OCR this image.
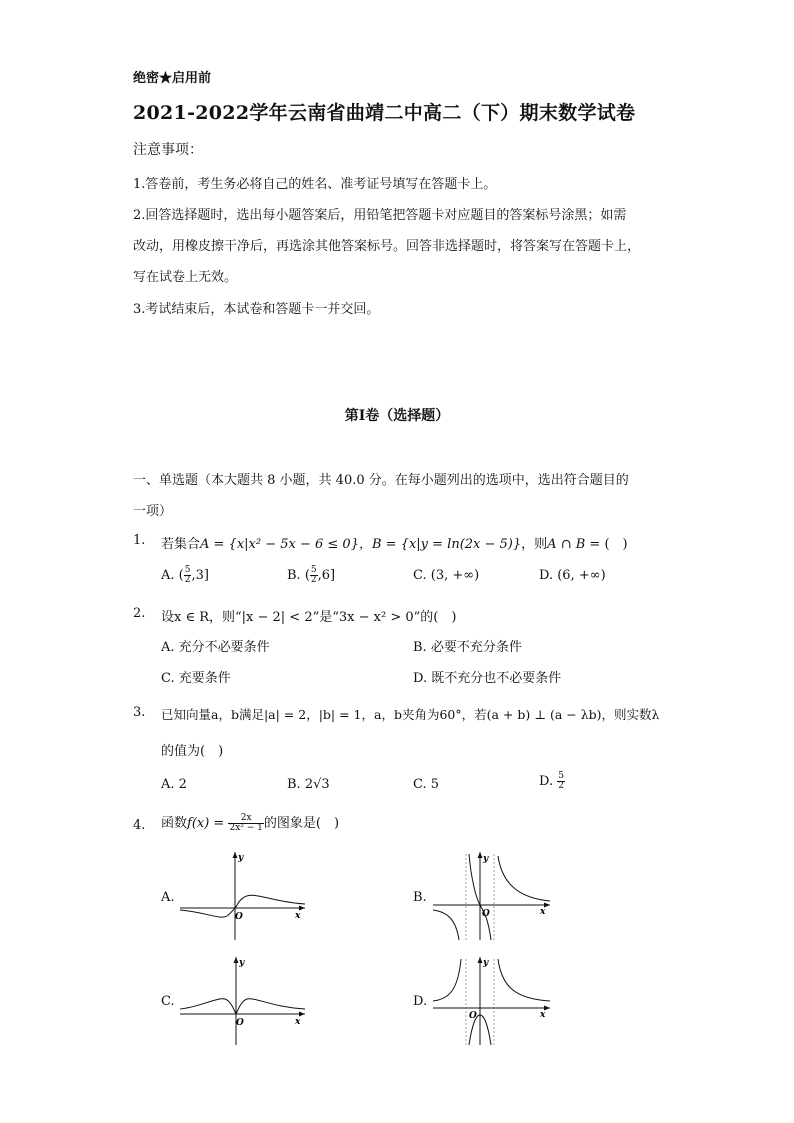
绝密★启用前
2021-2022学年云南省曲靖二中高二（下）期末数学试卷
注意事项：
1.答卷前，考生务必将自己的姓名、准考证号填写在答题卡上。
2.回答选择题时，选出每小题答案后，用铅笔把答题卡对应题目的答案标号涂黑；如需
改动，用橡皮擦干净后，再选涂其他答案标号。回答非选择题时，将答案写在答题卡上，
写在试卷上无效。
3.考试结束后，本试卷和答题卡一并交回。
第I卷（选择题）
一、单选题（本大题共 8 小题，共 40.0 分。在每小题列出的选项中，选出符合题目的
一项）
1. 若集合A = {x|x² − 5x − 6 ≤ 0}，B = {x|y = ln(2x − 5)}，则A ∩ B = (　)
A. ( $\frac{5}{2} ,3$]	B. ( $\frac{5}{2} ,6$]	C. (3, +∞)	D. (6, +∞)
2. 设x ∈ R，则“|x − 2| < 2”是“3x − x² > 0”的(　)
A. 充分不必要条件	B. 必要不充分条件
C. 充要条件	D. 既不充分也不必要条件
3. 已知向量a，b满足|a| = 2，|b| = 1，a，b夹角为60°，若(a + b) ⊥ (a − λb)，则实数λ
的值为(　)
A. 2	B. 2√3	C. 5	D. $\frac{5}{2}$
4. 函数$f(x) = \frac{2x}{\text{2x² − 1}}$ 的图象是(　)
A.
y
x
O
B.
y
x
O
C.
y
x
O
D.
y
x
O
